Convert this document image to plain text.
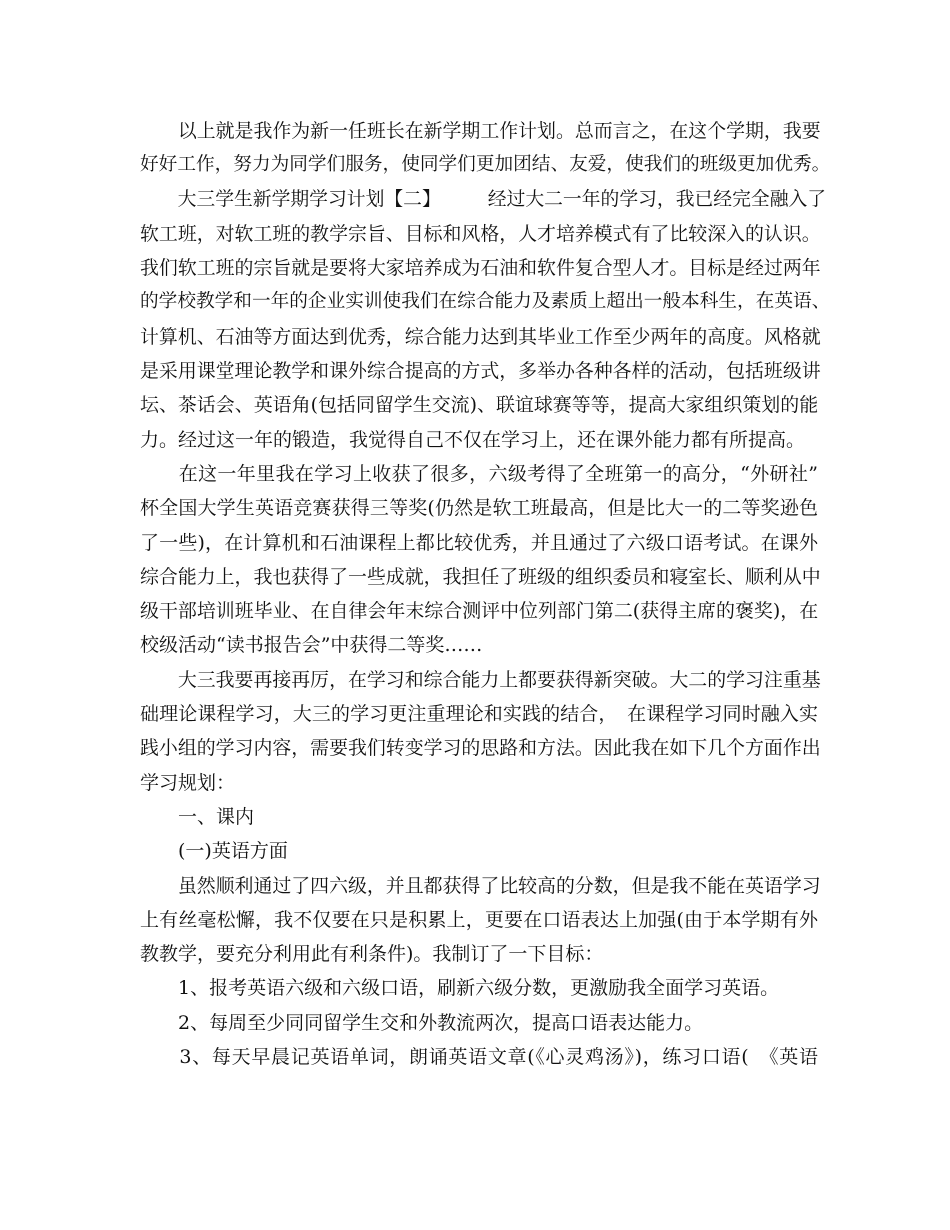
　　以上就是我作为新一任班长在新学期工作计划。总而言之，在这个学期，我要
好好工作，努力为同学们服务，使同学们更加团结、友爱，使我们的班级更加优秀。
　　大三学生新学期学习计划【二】　　　经过大二一年的学习，我已经完全融入了
软工班，对软工班的教学宗旨、目标和风格，人才培养模式有了比较深入的认识。
我们软工班的宗旨就是要将大家培养成为石油和软件复合型人才。目标是经过两年
的学校教学和一年的企业实训使我们在综合能力及素质上超出一般本科生，在英语、
计算机、石油等方面达到优秀，综合能力达到其毕业工作至少两年的高度。风格就
是采用课堂理论教学和课外综合提高的方式，多举办各种各样的活动，包括班级讲
坛、茶话会、英语角(包括同留学生交流)、联谊球赛等等，提高大家组织策划的能
力。经过这一年的锻造，我觉得自己不仅在学习上，还在课外能力都有所提高。
　　在这一年里我在学习上收获了很多，六级考得了全班第一的高分，“外研社”
杯全国大学生英语竞赛获得三等奖(仍然是软工班最高，但是比大一的二等奖逊色
了一些)，在计算机和石油课程上都比较优秀，并且通过了六级口语考试。在课外
综合能力上，我也获得了一些成就，我担任了班级的组织委员和寝室长、顺利从中
级干部培训班毕业、在自律会年末综合测评中位列部门第二(获得主席的褒奖)，在
校级活动“读书报告会”中获得二等奖……
　　大三我要再接再厉，在学习和综合能力上都要获得新突破。大二的学习注重基
础理论课程学习，大三的学习更注重理论和实践的结合，　在课程学习同时融入实
践小组的学习内容，需要我们转变学习的思路和方法。因此我在如下几个方面作出
学习规划：
　　一、课内
　　(一)英语方面
　　虽然顺利通过了四六级，并且都获得了比较高的分数，但是我不能在英语学习
上有丝毫松懈，我不仅要在只是积累上，更要在口语表达上加强(由于本学期有外
教教学，要充分利用此有利条件)。我制订了一下目标：
　　1、报考英语六级和六级口语，刷新六级分数，更激励我全面学习英语。
　　2、每周至少同同留学生交和外教流两次，提高口语表达能力。
　　3、每天早晨记英语单词，朗诵英语文章(《心灵鸡汤》)，练习口语(　《英语
